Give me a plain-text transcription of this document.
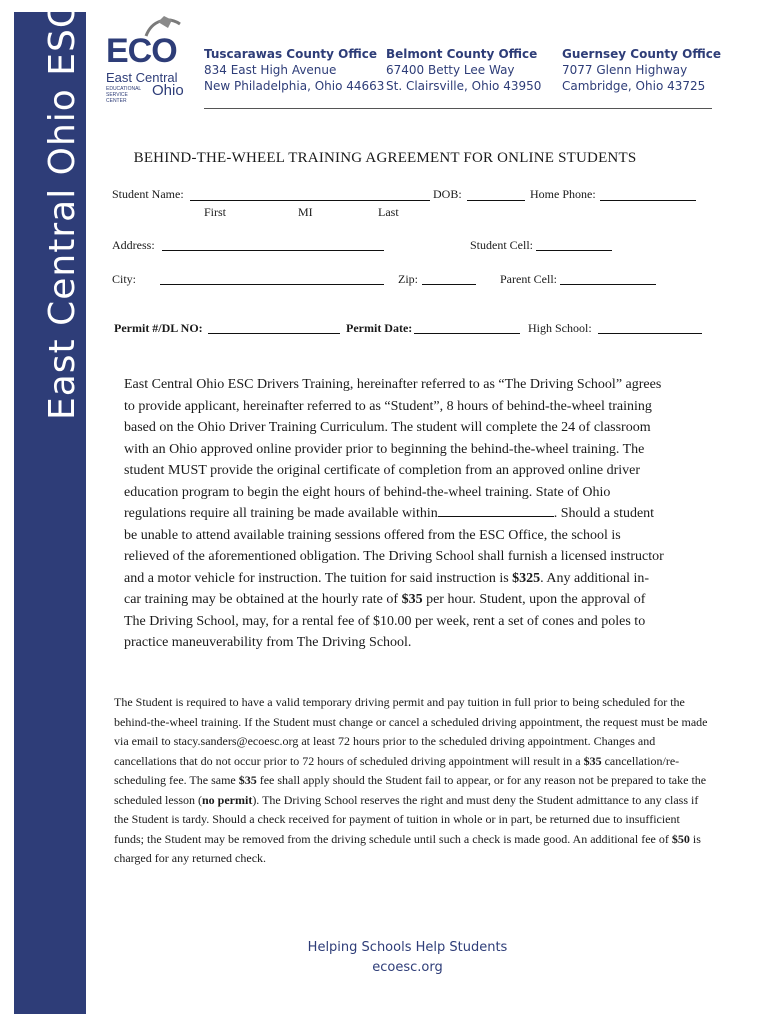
East Central Ohio ESC ECO
East Central
EDUCATIONAL SERVICE CENTER
Ohio
Tuscarawas County Office
834 East High Avenue
New Philadelphia, Ohio 44663
Belmont County Office
67400 Betty Lee Way
St. Clairsville, Ohio 43950
Guernsey County Office
7077 Glenn Highway
Cambridge, Ohio 43725
BEHIND-THE-WHEEL TRAINING AGREEMENT FOR ONLINE STUDENTS
Student Name:	DOB:	Home Phone:
First	MI	Last
Address:	Student Cell:
City:	Zip:	Parent Cell:
Permit #/DL NO:	Permit Date:	High School:
East Central Ohio ESC Drivers Training, hereinafter referred to as “The Driving School” agrees to provide applicant, hereinafter referred to as “Student”, 8 hours of behind-the-wheel training based on the Ohio Driver Training Curriculum. The student will complete the 24 of classroom with an Ohio approved online provider prior to beginning the behind-the-wheel training. The student MUST provide the original certificate of completion from an approved online driver education program to begin the eight hours of behind-the-wheel training. State of Ohio regulations require all training be made available within	. Should a student be unable to attend available training sessions offered from the ESC Office, the school is relieved of the aforementioned obligation. The Driving School shall furnish a licensed instructor and a motor vehicle for instruction. The tuition for said instruction is $325. Any additional in-car training may be obtained at the hourly rate of $35 per hour. Student, upon the approval of The Driving School, may, for a rental fee of $10.00 per week, rent a set of cones and poles to practice maneuverability from The Driving School.
The Student is required to have a valid temporary driving permit and pay tuition in full prior to being scheduled for the behind-the-wheel training. If the Student must change or cancel a scheduled driving appointment, the request must be made via email to stacy.sanders@ecoesc.org at least 72 hours prior to the scheduled driving appointment. Changes and cancellations that do not occur prior to 72 hours of scheduled driving appointment will result in a $35 cancellation/re- scheduling fee. The same $35 fee shall apply should the Student fail to appear, or for any reason not be prepared to take the scheduled lesson (no permit). The Driving School reserves the right and must deny the Student admittance to any class if the Student is tardy. Should a check received for payment of tuition in whole or in part, be returned due to insufficient funds; the Student may be removed from the driving schedule until such a check is made good. An additional fee of $50 is charged for any returned check.
Helping Schools Help Students
ecoesc.org
